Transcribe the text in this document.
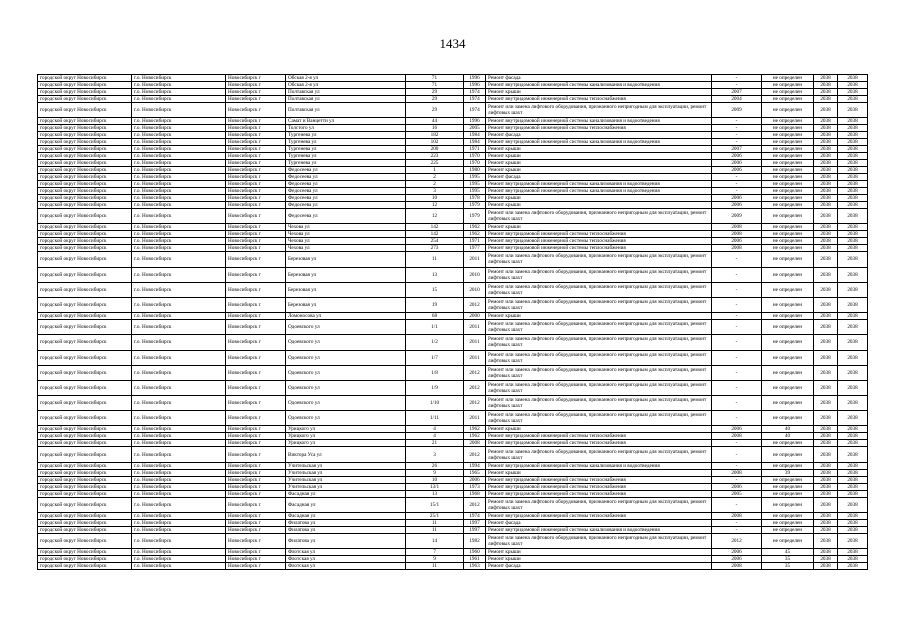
1434
городской округ Новосибирск	г.о. Новосибирск	Новосибирск г	Обская 2-я ул	71	1996	Ремонт фасада	-	не определен	2038	2038
городской округ Новосибирск	г.о. Новосибирск	Новосибирск г	Обская 2-я ул	71	1996	Ремонт внутридомовой инженерной системы канализования и водоотведения	-	не определен	2038	2038
городской округ Новосибирск	г.о. Новосибирск	Новосибирск г	Полтавская ул	29	1974	Ремонт крыши	2007	не определен	2038	2038
городской округ Новосибирск	г.о. Новосибирск	Новосибирск г	Полтавская ул	29	1974	Ремонт внутридомовой инженерной системы теплоснабжения	2004	не определен	2038	2038
городской округ Новосибирск	г.о. Новосибирск	Новосибирск г	Полтавская ул	29	1974	Ремонт или замена лифтового оборудования, признанного непригодным для эксплуатации, ремонт лифтовых шахт	2009	не определен	2038	2038
городской округ Новосибирск	г.о. Новосибирск	Новосибирск г	Самат и Ванцетти ул	44	1996	Ремонт внутридомовой инженерной системы канализования и водоотведения	-	не определен	2038	2038
городской округ Новосибирск	г.о. Новосибирск	Новосибирск г	Толстого ул	16	2005	Ремонт внутридомовой инженерной системы теплоснабжения	-	не определен	2038	2038
городской округ Новосибирск	г.о. Новосибирск	Новосибирск г	Тургенева ул	182	1984	Ремонт фасада	-	не определен	2038	2038
городской округ Новосибирск	г.о. Новосибирск	Новосибирск г	Тургенева ул	102	1984	Ремонт внутридомовой инженерной системы канализования и водоотведения	-	не определен	2038	2038
городской округ Новосибирск	г.о. Новосибирск	Новосибирск г	Тургенева ул	200	1971	Ремонт крыши	2007	не определен	2038	2038
городской округ Новосибирск	г.о. Новосибирск	Новосибирск г	Тургенева ул	223	1970	Ремонт крыши	2006	не определен	2038	2038
городской округ Новосибирск	г.о. Новосибирск	Новосибирск г	Тургенева ул	225	1970	Ремонт крыши	2006	не определен	2038	2038
городской округ Новосибирск	г.о. Новосибирск	Новосибирск г	Федосеева ул	1	1980	Ремонт крыши	2006	не определен	2038	2038
городской округ Новосибирск	г.о. Новосибирск	Новосибирск г	Федосеева ул	2	1995	Ремонт фасада	-	не определен	2038	2038
городской округ Новосибирск	г.о. Новосибирск	Новосибирск г	Федосеева ул	2	1995	Ремонт внутридомовой инженерной системы канализования и водоотведения	-	не определен	2038	2038
городской округ Новосибирск	г.о. Новосибирск	Новосибирск г	Федосеева ул	3	1995	Ремонт внутридомовой инженерной системы канализования и водоотведения	-	не определен	2038	2038
городской округ Новосибирск	г.о. Новосибирск	Новосибирск г	Федосеева ул	10	1978	Ремонт крыши	2006	не определен	2038	2038
городской округ Новосибирск	г.о. Новосибирск	Новосибирск г	Федосеева ул	12	1979	Ремонт крыши	2006	не определен	2038	2038
городской округ Новосибирск	г.о. Новосибирск	Новосибирск г	Федосеева ул	12	1979	Ремонт или замена лифтового оборудования, признанного непригодным для эксплуатации, ремонт лифтовых шахт	2009	не определен	2038	2038
городской округ Новосибирск	г.о. Новосибирск	Новосибирск г	Чехова ул	142	1962	Ремонт крыши	2008	не определен	2038	2038
городской округ Новосибирск	г.о. Новосибирск	Новосибирск г	Чехова ул	142	1962	Ремонт внутридомовой инженерной системы теплоснабжения	2008	не определен	2038	2038
городской округ Новосибирск	г.о. Новосибирск	Новосибирск г	Чехова ул	254	1971	Ремонт внутридомовой инженерной системы теплоснабжения	2006	не определен	2038	2038
городской округ Новосибирск	г.о. Новосибирск	Новосибирск г	Чехова ул	273	1977	Ремонт внутридомовой инженерной системы теплоснабжения	2008	не определен	2038	2038
городской округ Новосибирск	г.о. Новосибирск	Новосибирск г	Березовая ул	11	2011	Ремонт или замена лифтового оборудования, признанного непригодным для эксплуатации, ремонт лифтовых шахт	-	не определен	2038	2038
городской округ Новосибирск	г.о. Новосибирск	Новосибирск г	Березовая ул	13	2010	Ремонт или замена лифтового оборудования, признанного непригодным для эксплуатации, ремонт лифтовых шахт	-	не определен	2038	2038
городской округ Новосибирск	г.о. Новосибирск	Новосибирск г	Березовая ул	15	2010	Ремонт или замена лифтового оборудования, признанного непригодным для эксплуатации, ремонт лифтовых шахт	-	не определен	2038	2038
городской округ Новосибирск	г.о. Новосибирск	Новосибирск г	Березовая ул	19	2012	Ремонт или замена лифтового оборудования, признанного непригодным для эксплуатации, ремонт лифтовых шахт	-	не определен	2038	2038
городской округ Новосибирск	г.о. Новосибирск	Новосибирск г	Ломоносова ул	68	2000	Ремонт крыши	-	не определен	2038	2038
городской округ Новосибирск	г.о. Новосибирск	Новосибирск г	Одоевского ул	1/1	2011	Ремонт или замена лифтового оборудования, признанного непригодным для эксплуатации, ремонт лифтовых шахт	-	не определен	2038	2038
городской округ Новосибирск	г.о. Новосибирск	Новосибирск г	Одоевского ул	1/2	2011	Ремонт или замена лифтового оборудования, признанного непригодным для эксплуатации, ремонт лифтовых шахт	-	не определен	2038	2038
городской округ Новосибирск	г.о. Новосибирск	Новосибирск г	Одоевского ул	1/7	2011	Ремонт или замена лифтового оборудования, признанного непригодным для эксплуатации, ремонт лифтовых шахт	-	не определен	2038	2038
городской округ Новосибирск	г.о. Новосибирск	Новосибирск г	Одоевского ул	1/8	2012	Ремонт или замена лифтового оборудования, признанного непригодным для эксплуатации, ремонт лифтовых шахт	-	не определен	2038	2038
городской округ Новосибирск	г.о. Новосибирск	Новосибирск г	Одоевского ул	1/9	2012	Ремонт или замена лифтового оборудования, признанного непригодным для эксплуатации, ремонт лифтовых шахт	-	не определен	2038	2038
городской округ Новосибирск	г.о. Новосибирск	Новосибирск г	Одоевского ул	1/10	2012	Ремонт или замена лифтового оборудования, признанного непригодным для эксплуатации, ремонт лифтовых шахт	-	не определен	2038	2038
городской округ Новосибирск	г.о. Новосибирск	Новосибирск г	Одоевского ул	1/11	2011	Ремонт или замена лифтового оборудования, признанного непригодным для эксплуатации, ремонт лифтовых шахт	-	не определен	2038	2038
городской округ Новосибирск	г.о. Новосибирск	Новосибирск г	Урицкого ул	4	1962	Ремонт крыши	2006	40	2038	2038
городской округ Новосибирск	г.о. Новосибирск	Новосибирск г	Урицкого ул	4	1962	Ремонт внутридомовой инженерной системы теплоснабжения	2008	40	2038	2038
городской округ Новосибирск	г.о. Новосибирск	Новосибирск г	Урицкого ул	21	2008	Ремонт внутридомовой инженерной системы теплоснабжения	-	не определен	2038	2038
городской округ Новосибирск	г.о. Новосибирск	Новосибирск г	Виктора Уса ул	3	2012	Ремонт или замена лифтового оборудования, признанного непригодным для эксплуатации, ремонт лифтовых шахт	-	не определен	2038	2038
городской округ Новосибирск	г.о. Новосибирск	Новосибирск г	Учительская ул	26	1994	Ремонт внутридомовой инженерной системы канализования и водоотведения	-	не определен	2038	2038
городской округ Новосибирск	г.о. Новосибирск	Новосибирск г	Учительская ул	9	1965	Ремонт крыши	2008	39	2038	2038
городской округ Новосибирск	г.о. Новосибирск	Новосибирск г	Учительская ул	10	2006	Ремонт внутридомовой инженерной системы теплоснабжения	-	не определен	2038	2038
городской округ Новосибирск	г.о. Новосибирск	Новосибирск г	Учительская ул	13/1	1973	Ремонт внутридомовой инженерной системы теплоснабжения	2006	не определен	2038	2038
городской округ Новосибирск	г.о. Новосибирск	Новосибирск г	Фасадная ул	13	1968	Ремонт внутридомовой инженерной системы теплоснабжения	2005	не определен	2038	2038
городской округ Новосибирск	г.о. Новосибирск	Новосибирск г	Фасадная ул	15/1	2012	Ремонт или замена лифтового оборудования, признанного непригодным для эксплуатации, ремонт лифтовых шахт	-	не определен	2038	2038
городской округ Новосибирск	г.о. Новосибирск	Новосибирск г	Фасадная ул	25/1	1974	Ремонт внутридомовой инженерной системы теплоснабжения	2008	не определен	2038	2038
городской округ Новосибирск	г.о. Новосибирск	Новосибирск г	Филатова ул	11	1997	Ремонт фасада	-	не определен	2038	2038
городской округ Новосибирск	г.о. Новосибирск	Новосибирск г	Филатова ул	11	1997	Ремонт внутридомовой инженерной системы канализования и водоотведения	-	не определен	2038	2038
городской округ Новосибирск	г.о. Новосибирск	Новосибирск г	Филатова ул	14	1982	Ремонт или замена лифтового оборудования, признанного непригодным для эксплуатации, ремонт лифтовых шахт	2012	не определен	2038	2038
городской округ Новосибирск	г.о. Новосибирск	Новосибирск г	Флотская ул	7	1960	Ремонт крыши	2006	45	2038	2038
городской округ Новосибирск	г.о. Новосибирск	Новосибирск г	Флотская ул	9	1961	Ремонт крыши	2006	35	2038	2038
городской округ Новосибирск	г.о. Новосибирск	Новосибирск г	Флотская ул	11	1963	Ремонт фасада	2008	35	2038	2038
